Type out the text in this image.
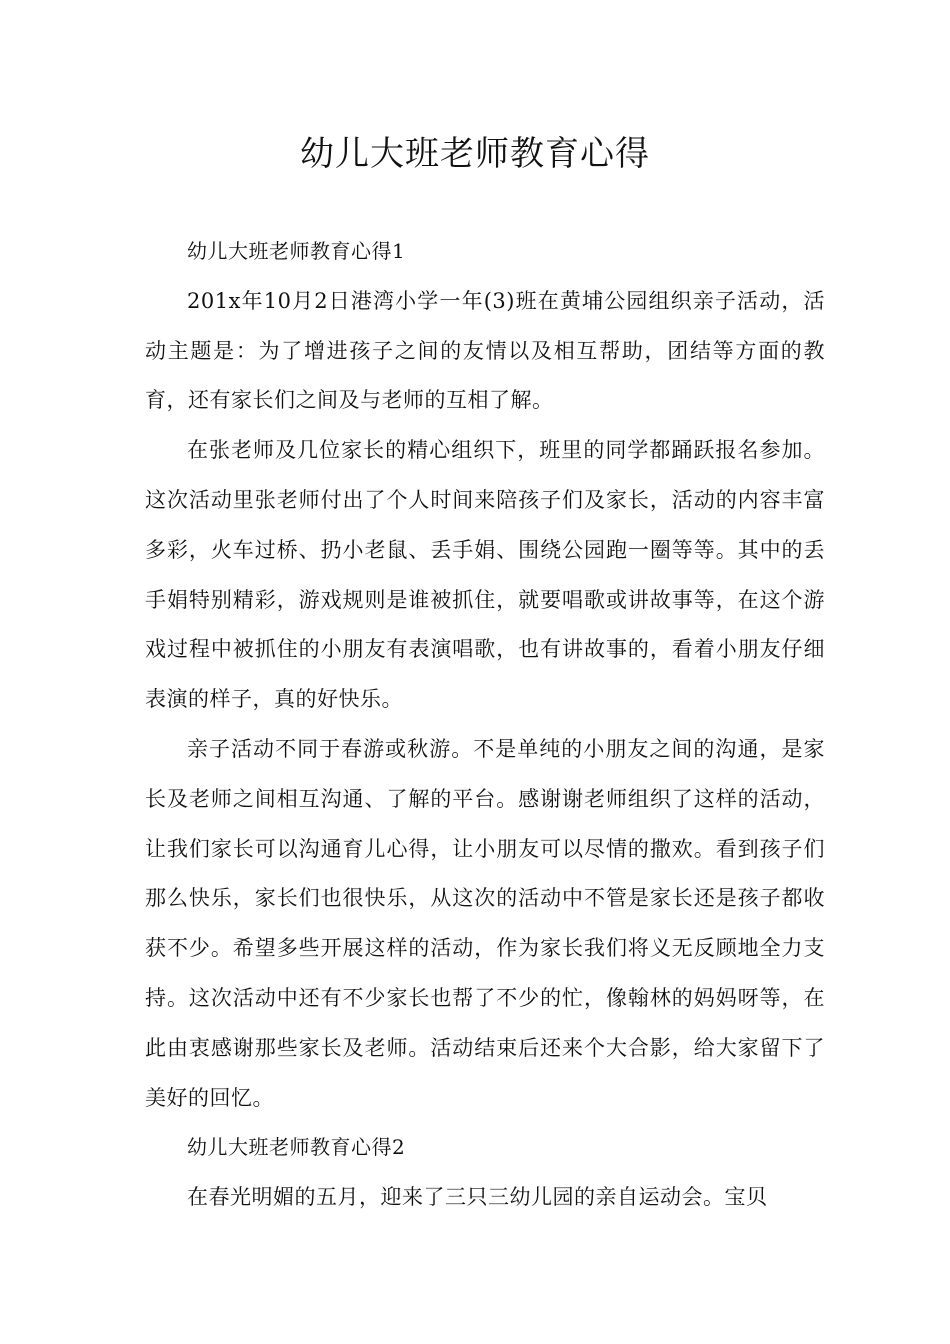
幼儿大班老师教育心得

幼儿大班老师教育心得1

201x年10月2日港湾小学一年(3)班在黄埔公园组织亲子活动，活动主题是：为了增进孩子之间的友情以及相互帮助，团结等方面的教育，还有家长们之间及与老师的互相了解。

在张老师及几位家长的精心组织下，班里的同学都踊跃报名参加。这次活动里张老师付出了个人时间来陪孩子们及家长，活动的内容丰富多彩，火车过桥、扔小老鼠、丢手娟、围绕公园跑一圈等等。其中的丢手娟特别精彩，游戏规则是谁被抓住，就要唱歌或讲故事等，在这个游戏过程中被抓住的小朋友有表演唱歌，也有讲故事的，看着小朋友仔细表演的样子，真的好快乐。

亲子活动不同于春游或秋游。不是单纯的小朋友之间的沟通，是家长及老师之间相互沟通、了解的平台。感谢谢老师组织了这样的活动，让我们家长可以沟通育儿心得，让小朋友可以尽情的撒欢。看到孩子们那么快乐，家长们也很快乐，从这次的活动中不管是家长还是孩子都收获不少。希望多些开展这样的活动，作为家长我们将义无反顾地全力支持。这次活动中还有不少家长也帮了不少的忙，像翰林的妈妈呀等，在此由衷感谢那些家长及老师。活动结束后还来个大合影，给大家留下了美好的回忆。

幼儿大班老师教育心得2

在春光明媚的五月，迎来了三只三幼儿园的亲自运动会。宝贝
